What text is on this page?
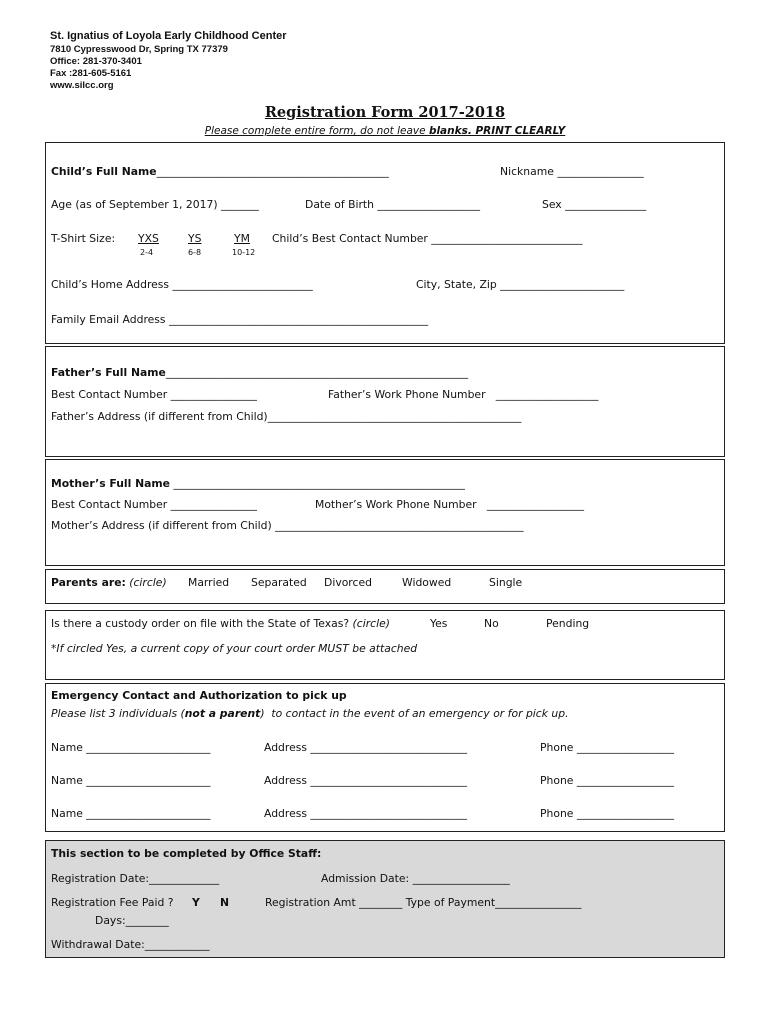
St. Ignatius of Loyola Early Childhood Center
7810 Cypresswood Dr, Spring TX 77379
Office: 281-370-3401
Fax :281-605-5161
www.silcc.org
Registration Form 2017-2018
Please complete entire form, do not leave blanks. PRINT CLEARLY
Child’s Full Name___________________________________________	Nickname ________________
Age (as of September 1, 2017) _______	Date of Birth ___________________	Sex _______________
T-Shirt Size: YXS
2-4
YS
6-8
YM
10-12
Child’s Best Contact Number ____________________________
Child’s Home Address __________________________	City, State, Zip _______________________
Family Email Address ________________________________________________
Father’s Full Name________________________________________________________
Best Contact Number ________________	Father’s Work Phone Number   ___________________
Father’s Address (if different from Child)_______________________________________________
Mother’s Full Name ______________________________________________________
Best Contact Number ________________	Mother’s Work Phone Number   __________________
Mother’s Address (if different from Child) ______________________________________________
Parents are: (circle) Married Separated Divorced	Widowed	Single
Is there a custody order on file with the State of Texas? (circle)	Yes	No	Pending
*If circled Yes, a current copy of your court order MUST be attached
Emergency Contact and Authorization to pick up
Please list 3 individuals (not a parent)  to contact in the event of an emergency or for pick up.
Name _______________________	Address _____________________________	Phone __________________
Name _______________________	Address _____________________________	Phone __________________
Name _______________________	Address _____________________________	Phone __________________
This section to be completed by Office Staff:
Registration Date:_____________	Admission Date: __________________
Registration Fee Paid ? Y N	Registration Amt ________ Type of Payment________________
Days:________
Withdrawal Date:____________
